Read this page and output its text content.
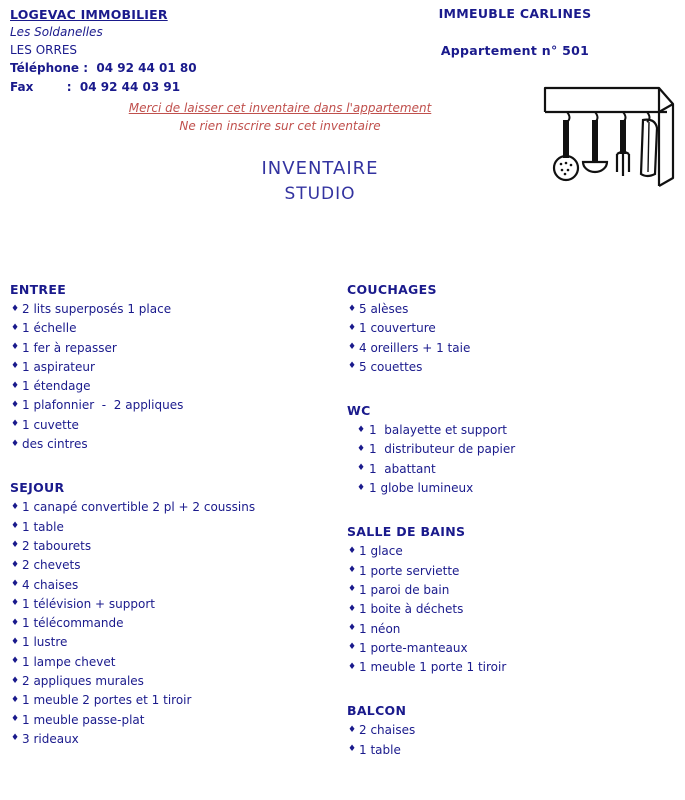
LOGEVAC IMMOBILIER
Les Soldanelles
LES ORRES
Téléphone :  04 92 44 01 80
Fax        :  04 92 44 03 91
IMMEUBLE CARLINES
Appartement n° 501
Merci de laisser cet inventaire dans l'appartement
Ne rien inscrire sur cet inventaire
INVENTAIRE
STUDIO
ENTREE
♦ 2 lits superposés 1 place
♦ 1 échelle
♦ 1 fer à repasser
♦ 1 aspirateur
♦ 1 étendage
♦ 1 plafonnier  -  2 appliques
♦ 1 cuvette
♦ des cintres
SEJOUR
♦ 1 canapé convertible 2 pl + 2 coussins
♦ 1 table
♦ 2 tabourets
♦ 2 chevets
♦ 4 chaises
♦ 1 télévision + support
♦ 1 télécommande
♦ 1 lustre
♦ 1 lampe chevet
♦ 2 appliques murales
♦ 1 meuble 2 portes et 1 tiroir
♦ 1 meuble passe-plat
♦ 3 rideaux
COUCHAGES
♦ 5 alèses
♦ 1 couverture
♦ 4 oreillers + 1 taie
♦ 5 couettes
WC
♦ 1  balayette et support
♦ 1  distributeur de papier
♦ 1  abattant
♦ 1 globe lumineux
SALLE DE BAINS
♦ 1 glace
♦ 1 porte serviette
♦ 1 paroi de bain
♦ 1 boite à déchets
♦ 1 néon
♦ 1 porte-manteaux
♦ 1 meuble 1 porte 1 tiroir
BALCON
♦ 2 chaises
♦ 1 table
